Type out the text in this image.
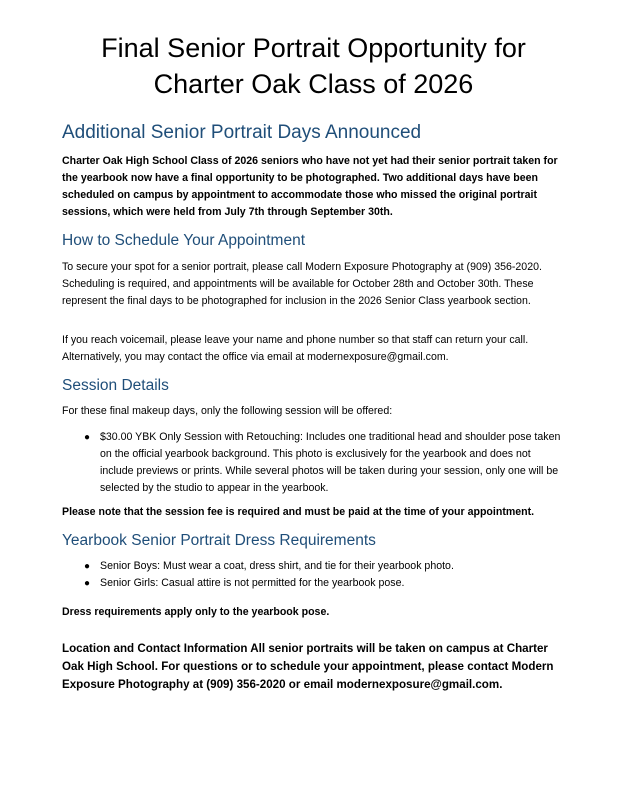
Final Senior Portrait Opportunity for
Charter Oak Class of 2026
Additional Senior Portrait Days Announced

Charter Oak High School Class of 2026 seniors who have not yet had their senior portrait taken for the yearbook now have a final opportunity to be photographed. Two additional days have been scheduled on campus by appointment to accommodate those who missed the original portrait sessions, which were held from July 7th through September 30th.

How to Schedule Your Appointment

To secure your spot for a senior portrait, please call Modern Exposure Photography at (909) 356-2020. Scheduling is required, and appointments will be available for October 28th and October 30th. These represent the final days to be photographed for inclusion in the 2026 Senior Class yearbook section.

If you reach voicemail, please leave your name and phone number so that staff can return your call. Alternatively, you may contact the office via email at modernexposure@gmail.com.

Session Details

For these final makeup days, only the following session will be offered:

● $30.00 YBK Only Session with Retouching: Includes one traditional head and shoulder pose taken on the official yearbook background. This photo is exclusively for the yearbook and does not include previews or prints. While several photos will be taken during your session, only one will be selected by the studio to appear in the yearbook.

Please note that the session fee is required and must be paid at the time of your appointment.

Yearbook Senior Portrait Dress Requirements
● Senior Boys: Must wear a coat, dress shirt, and tie for their yearbook photo.
● Senior Girls: Casual attire is not permitted for the yearbook pose.

Dress requirements apply only to the yearbook pose.

Location and Contact Information All senior portraits will be taken on campus at Charter Oak High School. For questions or to schedule your appointment, please contact Modern Exposure Photography at (909) 356-2020 or email modernexposure@gmail.com.
